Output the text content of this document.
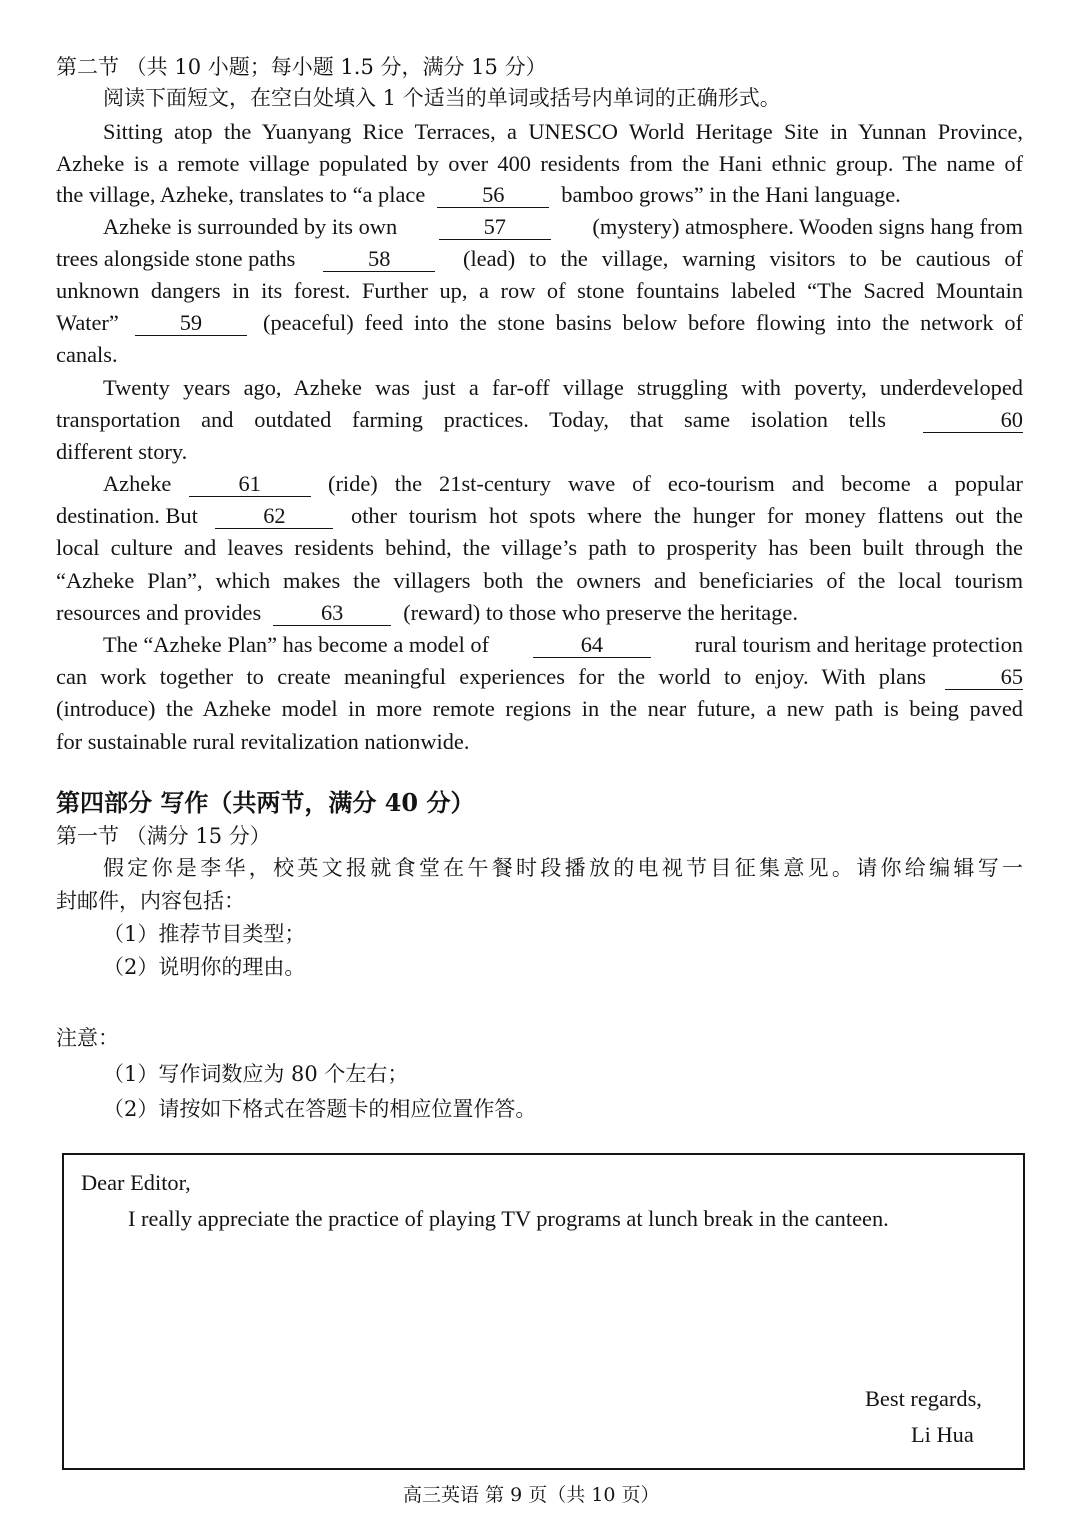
第二节 （共 10 小题；每小题 1.5 分，满分 15 分）
阅读下面短文，在空白处填入 1 个适当的单词或括号内单词的正确形式。
Sitting atop the Yuanyang Rice Terraces, a UNESCO World Heritage Site in Yunnan Province,
Azheke is a remote village populated by over 400 residents from the Hani ethnic group. The name of
the village, Azheke, translates to “a place	56	bamboo grows” in the Hani language.
Azheke is surrounded by its own	57	(mystery) atmosphere. Wooden signs hang from
trees alongside stone paths	58	(lead) to the village, warning visitors to be cautious of
unknown dangers in its forest. Further up, a row of stone fountains labeled “The Sacred Mountain
Water”	59	(peaceful) feed into the stone basins below before flowing into the network of
canals.
Twenty years ago, Azheke was just a far-off village struggling with poverty, underdeveloped
transportation and outdated farming practices. Today, that same isolation tells	60
different story.
Azheke	61	(ride) the 21st-century wave of eco-tourism and become a popular
destination. But	62	other tourism hot spots where the hunger for money flattens out the
local culture and leaves residents behind, the village’s path to prosperity has been built through the
“Azheke Plan”, which makes the villagers both the owners and beneficiaries of the local tourism
resources and provides	63	(reward) to those who preserve the heritage.
The “Azheke Plan” has become a model of	64	rural tourism and heritage protection
can work together to create meaningful experiences for the world to enjoy. With plans	65
(introduce) the Azheke model in more remote regions in the near future, a new path is being paved
for sustainable rural revitalization nationwide.
第四部分 写作（共两节，满分 40 分）
第一节 （满分 15 分）
假定你是李华，校英文报就食堂在午餐时段播放的电视节目征集意见。请你给编辑写一
封邮件，内容包括：
（1）推荐节目类型；
（2）说明你的理由。
注意：
（1）写作词数应为 80 个左右；
（2）请按如下格式在答题卡的相应位置作答。
Dear Editor,
I really appreciate the practice of playing TV programs at lunch break in the canteen.
Best regards,
Li Hua
高三英语 第 9 页（共 10 页）
